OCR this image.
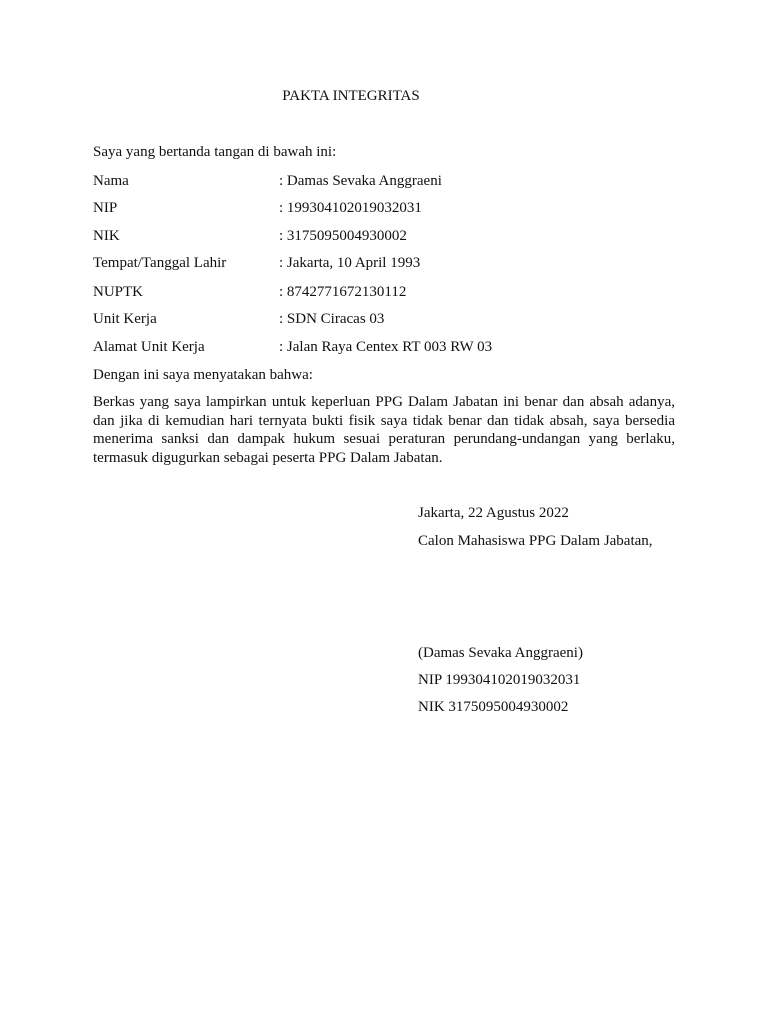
PAKTA INTEGRITAS
Saya yang bertanda tangan di bawah ini:
Nama	: Damas Sevaka Anggraeni
NIP	: 199304102019032031
NIK	: 3175095004930002
Tempat/Tanggal Lahir	: Jakarta, 10 April 1993
NUPTK	: 8742771672130112
Unit Kerja	: SDN Ciracas 03
Alamat Unit Kerja	: Jalan Raya Centex RT 003 RW 03
Dengan ini saya menyatakan bahwa:
Berkas yang saya lampirkan untuk keperluan PPG Dalam Jabatan ini benar dan absah adanya, dan jika di kemudian hari ternyata bukti fisik saya tidak benar dan tidak absah, saya bersedia menerima sanksi dan dampak hukum sesuai peraturan perundang-undangan yang berlaku, termasuk digugurkan sebagai peserta PPG Dalam Jabatan.
Jakarta, 22 Agustus 2022
Calon Mahasiswa PPG Dalam Jabatan,
(Damas Sevaka Anggraeni)
NIP 199304102019032031
NIK 3175095004930002
